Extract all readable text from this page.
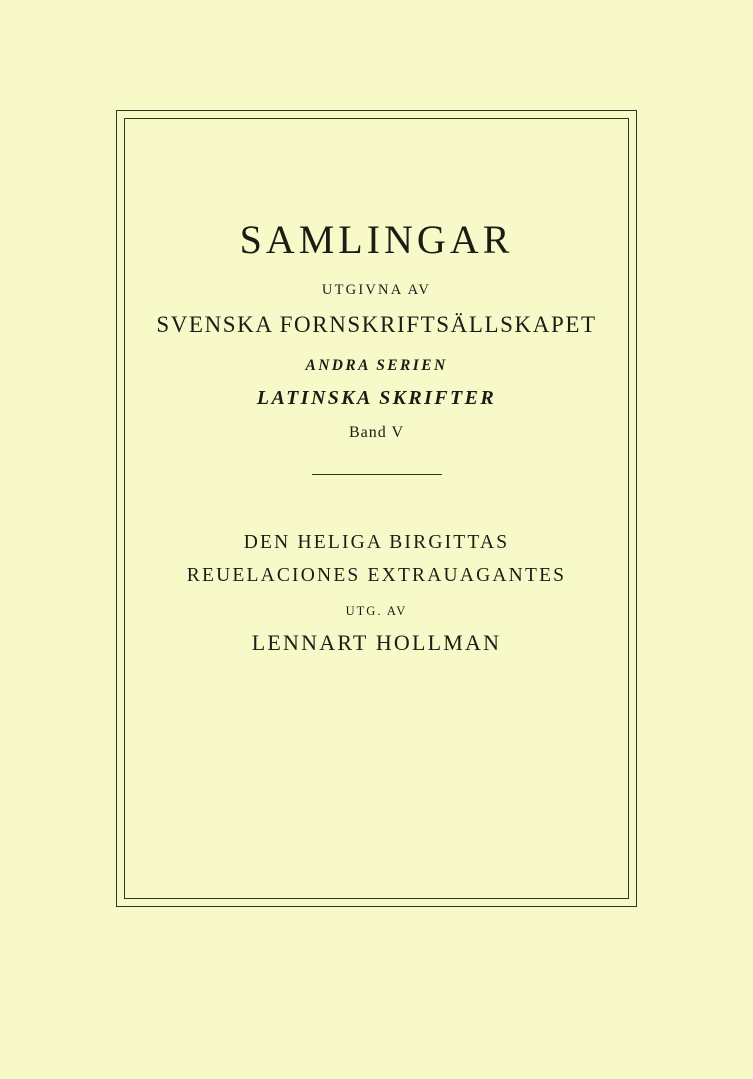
SAMLINGAR
UTGIVNA AV
SVENSKA FORNSKRIFTSÄLLSKAPET
ANDRA SERIEN
LATINSKA SKRIFTER
Band V
DEN HELIGA BIRGITTAS
REUELACIONES EXTRAUAGANTES
UTG. AV
LENNART HOLLMAN
